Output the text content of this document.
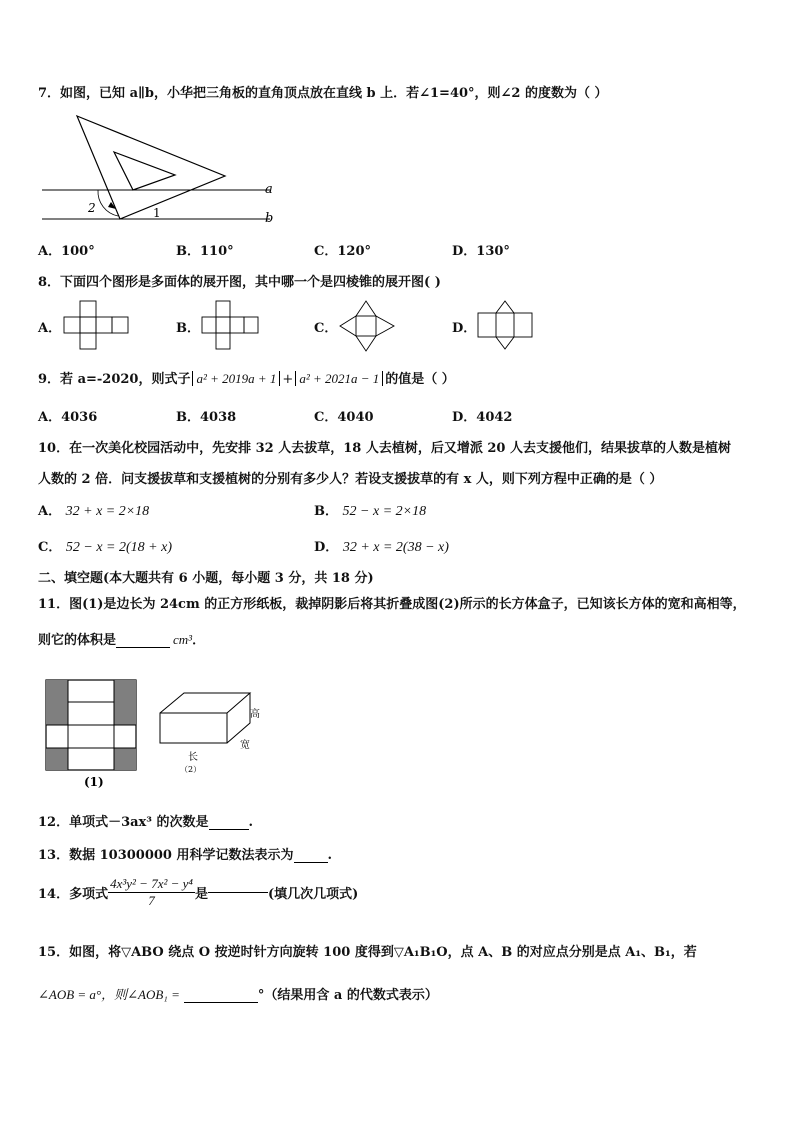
7．如图，已知 a∥b，小华把三角板的直角顶点放在直线 b 上．若∠1=40°，则∠2 的度数为（ ）
2	1
a
b
A．100°	B．110°	C．120°	D．130°
8．下面四个图形是多面体的展开图，其中哪一个是四棱锥的展开图( )
A．	B．	C．	D．
9．若 a=-2020，则式子 a² + 2019a + 1 + a² + 2021a − 1 的值是（ ）
A．4036	B．4038	C．4040	D．4042
10．在一次美化校园活动中，先安排 32 人去拔草，18 人去植树，后又增派 20 人去支援他们，结果拔草的人数是植树
人数的 2 倍．问支援拔草和支援植树的分别有多少人？若设支援拔草的有 x 人，则下列方程中正确的是（ ）
A． 32 + x = 2×18	B． 52 − x = 2×18
C． 52 − x = 2(18 + x)	D． 32 + x = 2(38 − x)
二、填空题(本大题共有 6 小题，每小题 3 分，共 18 分)
11．图(1)是边长为 24cm 的正方形纸板，裁掉阴影后将其折叠成图(2)所示的长方体盒子，已知该长方体的宽和高相等，
则它的体积是	cm³．
(1)
高
宽
长
（2）
12．单项式－3ax³ 的次数是	.
13．数据 10300000 用科学记数法表示为	.
14．多项式 $\frac{\text{4x³y² − 7x² − y⁴}}{7}$ 是	(填几次几项式)
15．如图，将▽ABO 绕点 O 按逆时针方向旋转 100 度得到▽A₁B₁O，点 A、B 的对应点分别是点 A₁、B₁，若
∠AOB = a°，则∠AOB₁ =	°（结果用含 a 的代数式表示）
